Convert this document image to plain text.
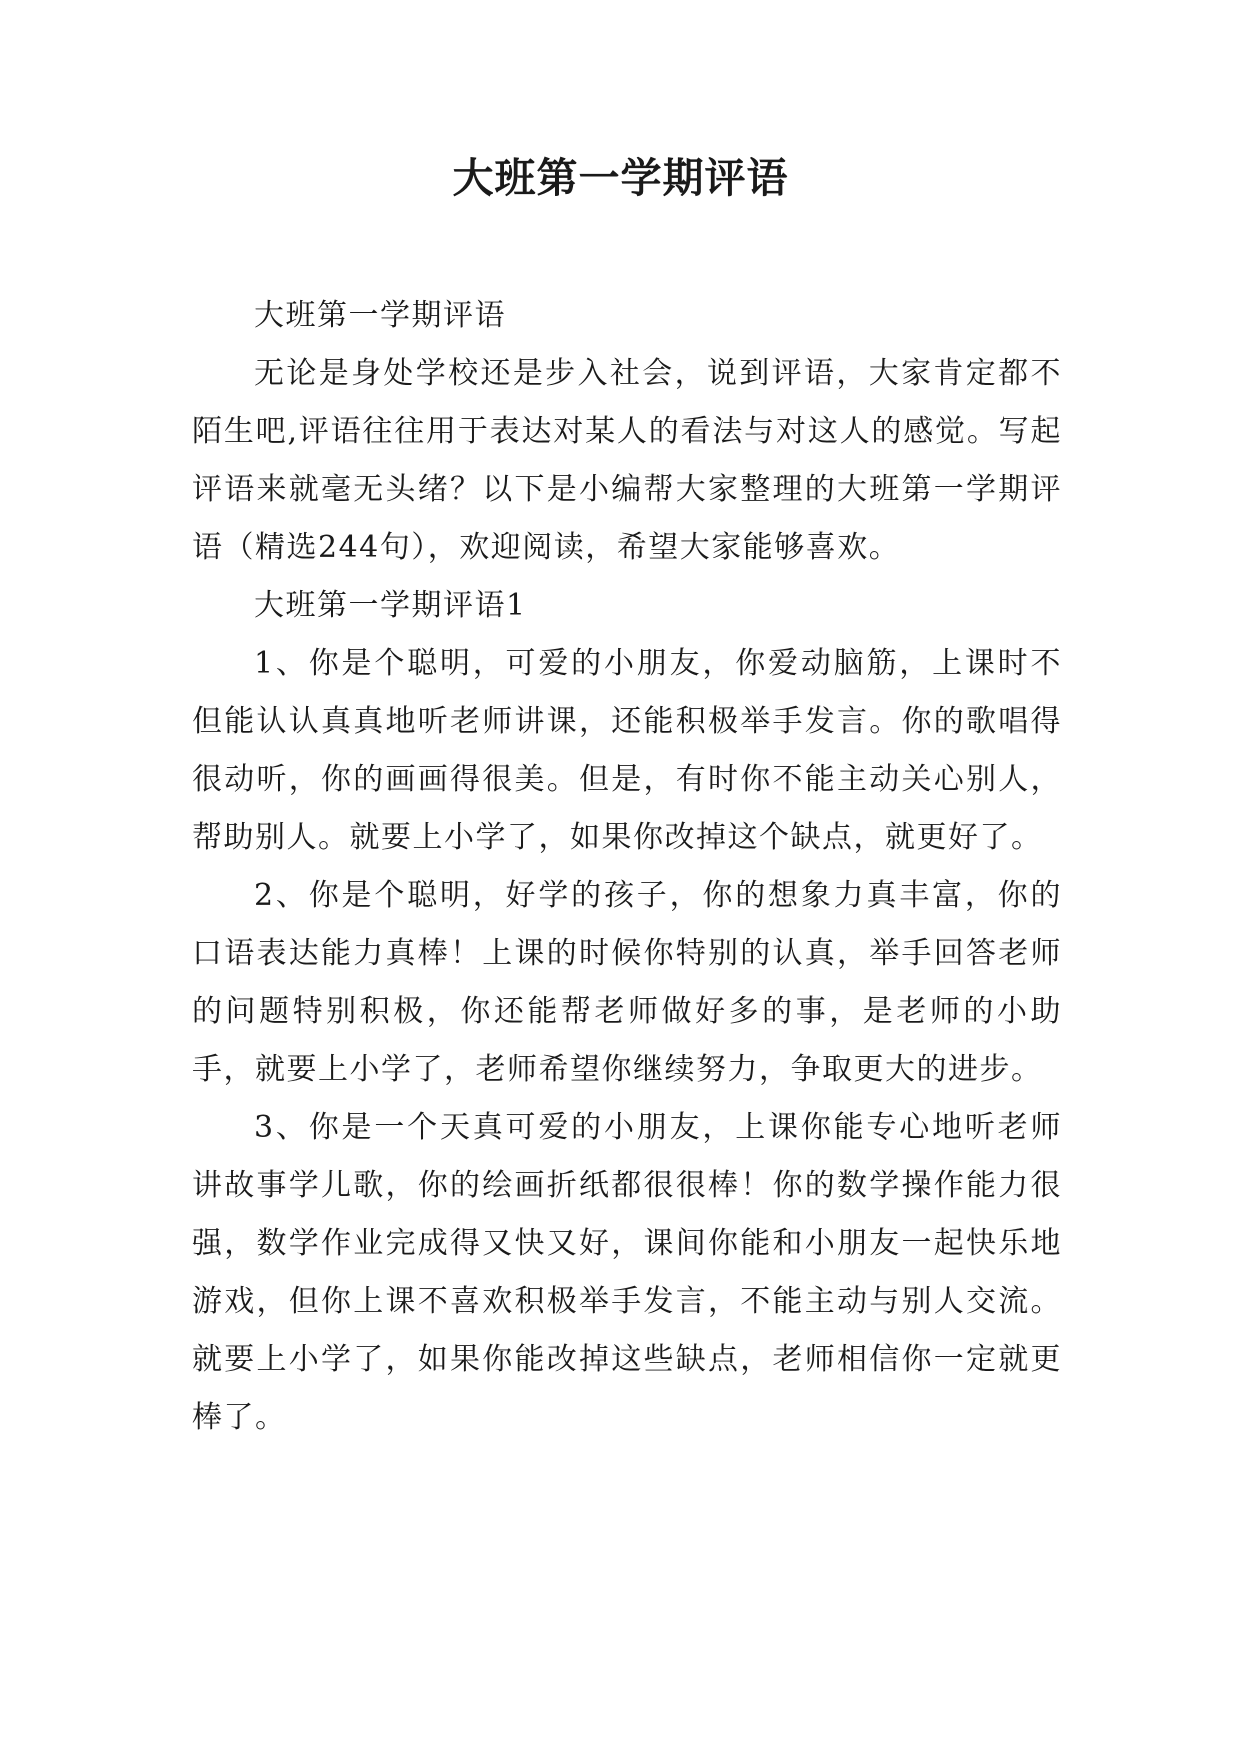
大班第一学期评语

大班第一学期评语

无论是身处学校还是步入社会，说到评语，大家肯定都不陌生吧,评语往往用于表达对某人的看法与对这人的感觉。写起评语来就毫无头绪？以下是小编帮大家整理的大班第一学期评语（精选244句），欢迎阅读，希望大家能够喜欢。

大班第一学期评语1

1、你是个聪明，可爱的小朋友，你爱动脑筋，上课时不但能认认真真地听老师讲课，还能积极举手发言。你的歌唱得很动听，你的画画得很美。但是，有时你不能主动关心别人，帮助别人。就要上小学了，如果你改掉这个缺点，就更好了。

2、你是个聪明，好学的孩子，你的想象力真丰富，你的口语表达能力真棒！上课的时候你特别的认真，举手回答老师的问题特别积极，你还能帮老师做好多的事，是老师的小助手，就要上小学了，老师希望你继续努力，争取更大的进步。

3、你是一个天真可爱的小朋友，上课你能专心地听老师讲故事学儿歌，你的绘画折纸都很很棒！你的数学操作能力很强，数学作业完成得又快又好，课间你能和小朋友一起快乐地游戏，但你上课不喜欢积极举手发言，不能主动与别人交流。就要上小学了，如果你能改掉这些缺点，老师相信你一定就更棒了。
